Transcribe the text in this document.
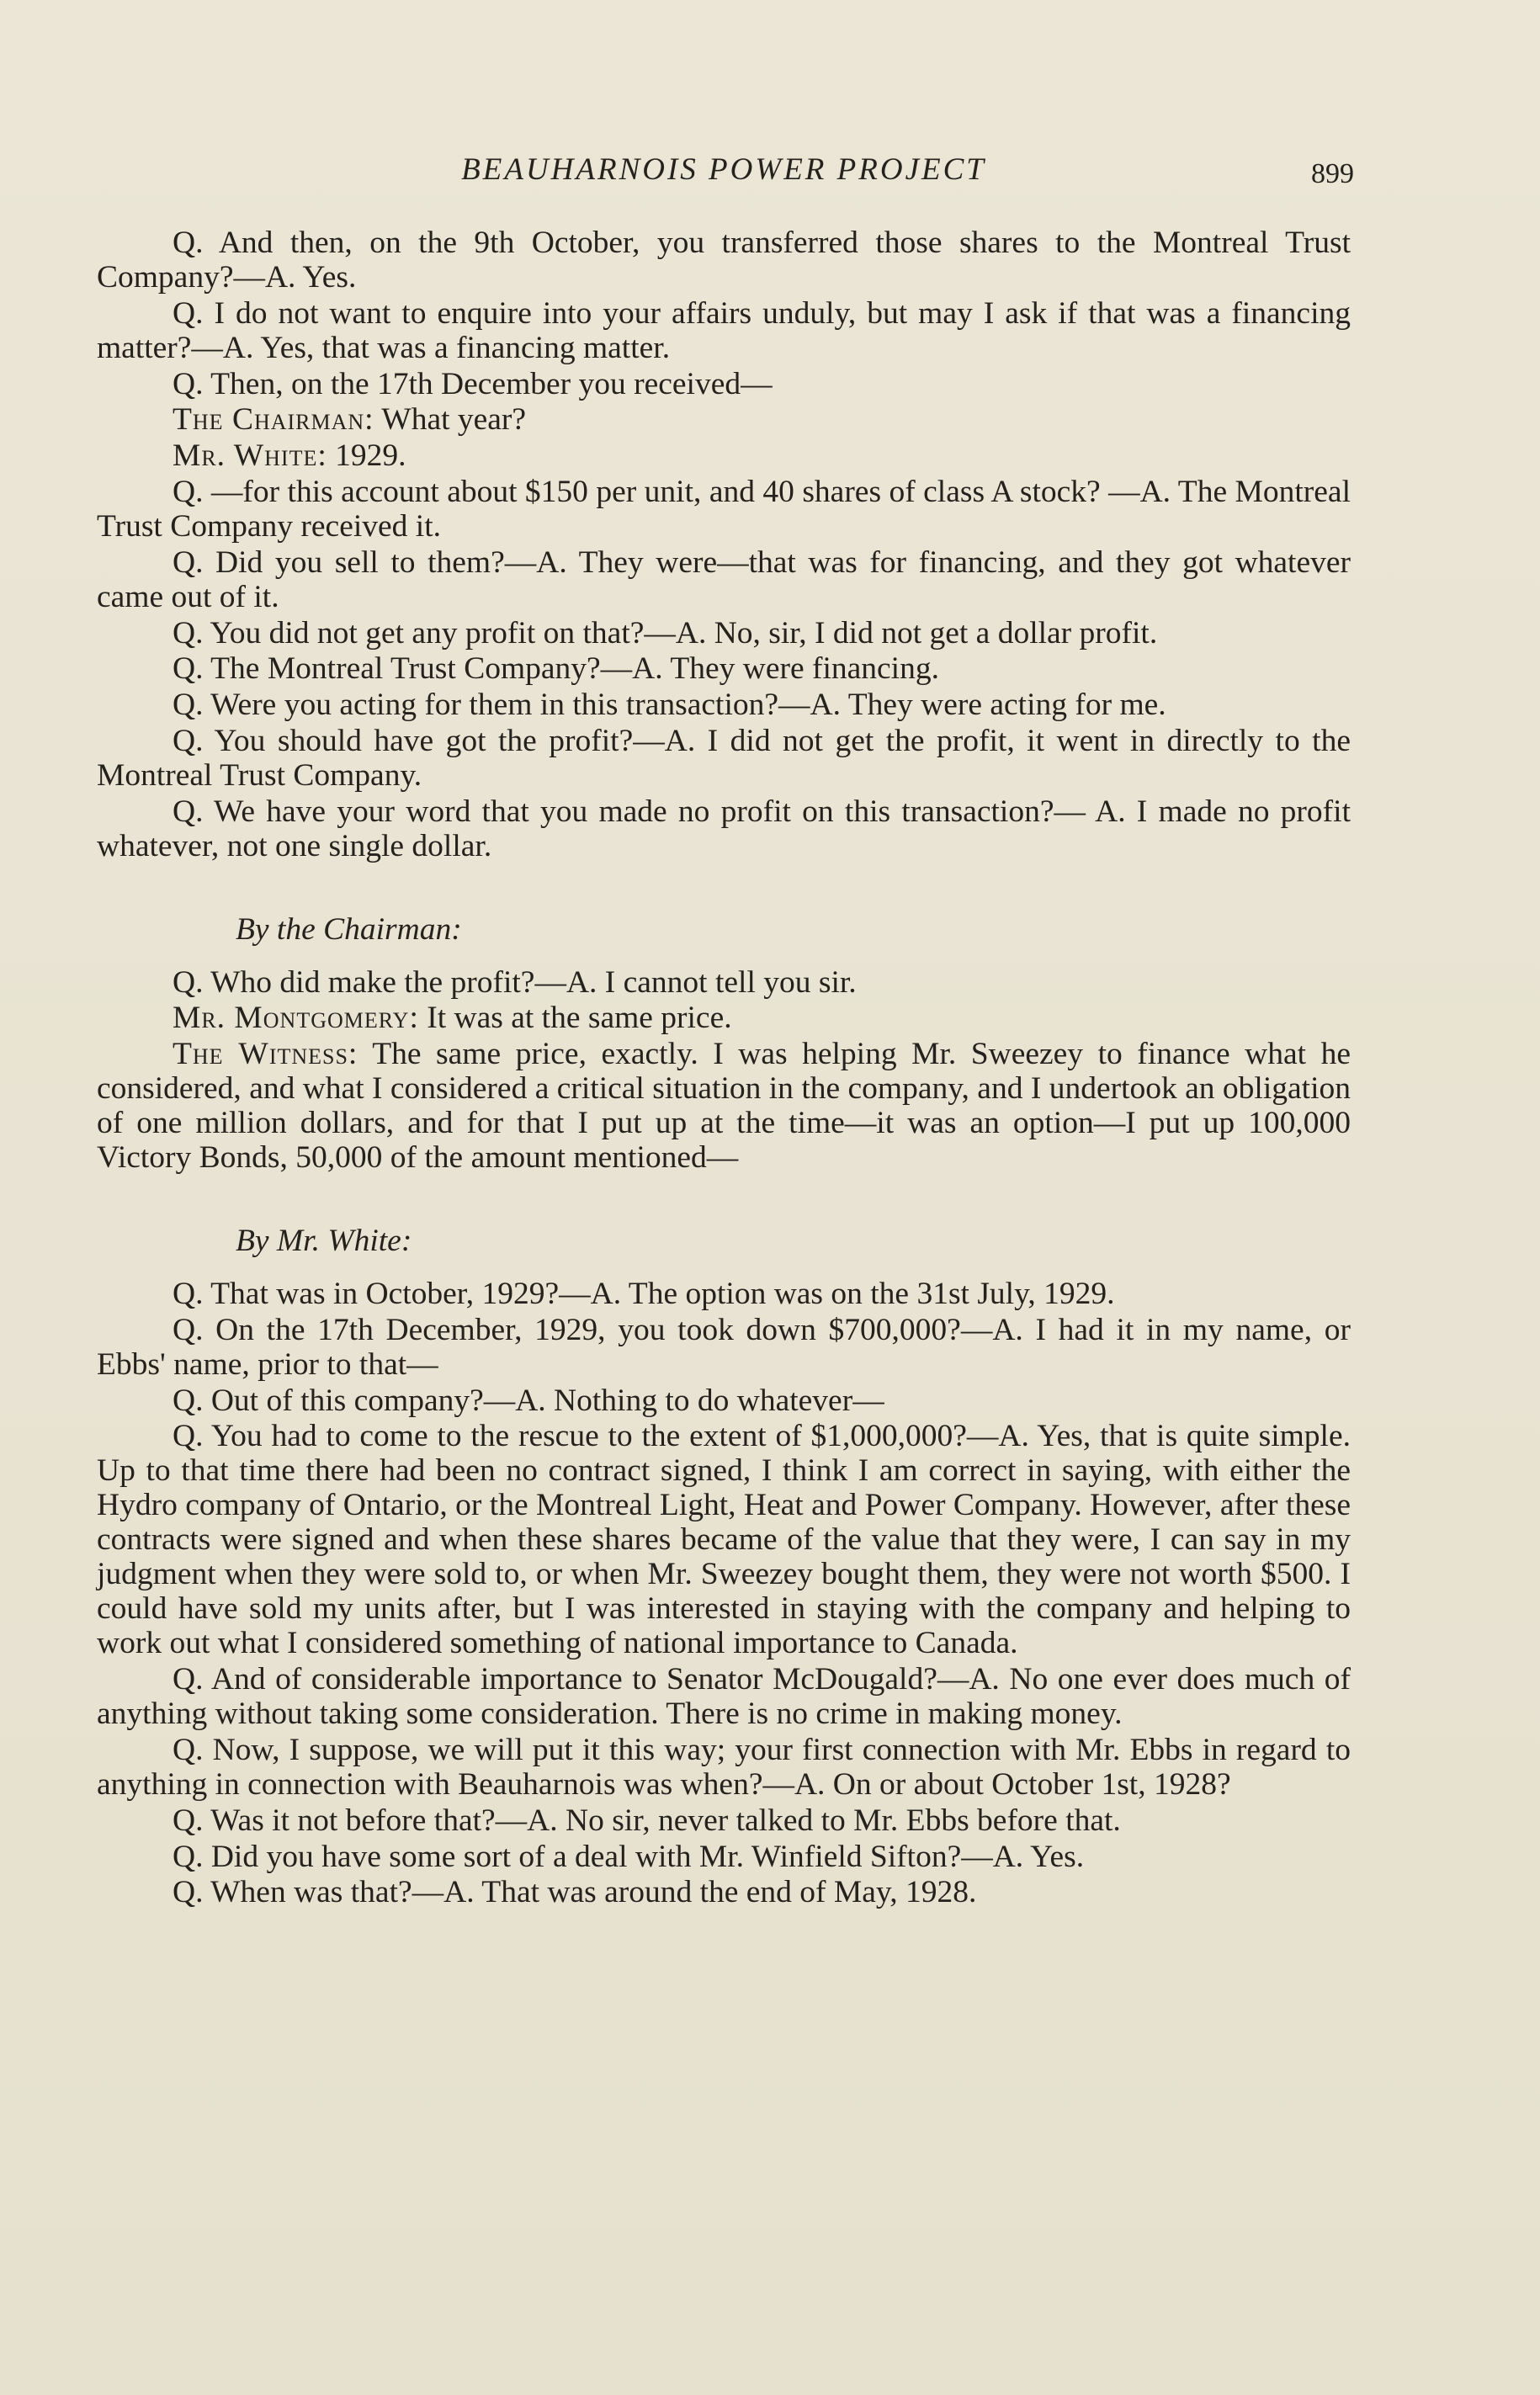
BEAUHARNOIS POWER PROJECT	899

Q. And then, on the 9th October, you transferred those shares to the Montreal Trust Company?—A. Yes.

Q. I do not want to enquire into your affairs unduly, but may I ask if that was a financing matter?—A. Yes, that was a financing matter.

Q. Then, on the 17th December you received—

The Chairman: What year?

Mr. White: 1929.

Q. —for this account about $150 per unit, and 40 shares of class A stock? —A. The Montreal Trust Company received it.

Q. Did you sell to them?—A. They were—that was for financing, and they got whatever came out of it.

Q. You did not get any profit on that?—A. No, sir, I did not get a dollar profit.

Q. The Montreal Trust Company?—A. They were financing.

Q. Were you acting for them in this transaction?—A. They were acting for me.

Q. You should have got the profit?—A. I did not get the profit, it went in directly to the Montreal Trust Company.

Q. We have your word that you made no profit on this transaction?— A. I made no profit whatever, not one single dollar.

By the Chairman:

Q. Who did make the profit?—A. I cannot tell you sir.

Mr. Montgomery: It was at the same price.

The Witness: The same price, exactly. I was helping Mr. Sweezey to finance what he considered, and what I considered a critical situation in the company, and I undertook an obligation of one million dollars, and for that I put up at the time—it was an option—I put up 100,000 Victory Bonds, 50,000 of the amount mentioned—

By Mr. White:

Q. That was in October, 1929?—A. The option was on the 31st July, 1929.

Q. On the 17th December, 1929, you took down $700,000?—A. I had it in my name, or Ebbs' name, prior to that—

Q. Out of this company?—A. Nothing to do whatever—

Q. You had to come to the rescue to the extent of $1,000,000?—A. Yes, that is quite simple. Up to that time there had been no contract signed, I think I am correct in saying, with either the Hydro company of Ontario, or the Montreal Light, Heat and Power Company. However, after these contracts were signed and when these shares became of the value that they were, I can say in my judgment when they were sold to, or when Mr. Sweezey bought them, they were not worth $500. I could have sold my units after, but I was interested in staying with the company and helping to work out what I considered something of national importance to Canada.

Q. And of considerable importance to Senator McDougald?—A. No one ever does much of anything without taking some consideration. There is no crime in making money.

Q. Now, I suppose, we will put it this way; your first connection with Mr. Ebbs in regard to anything in connection with Beauharnois was when?—A. On or about October 1st, 1928?

Q. Was it not before that?—A. No sir, never talked to Mr. Ebbs before that.

Q. Did you have some sort of a deal with Mr. Winfield Sifton?—A. Yes.

Q. When was that?—A. That was around the end of May, 1928.
